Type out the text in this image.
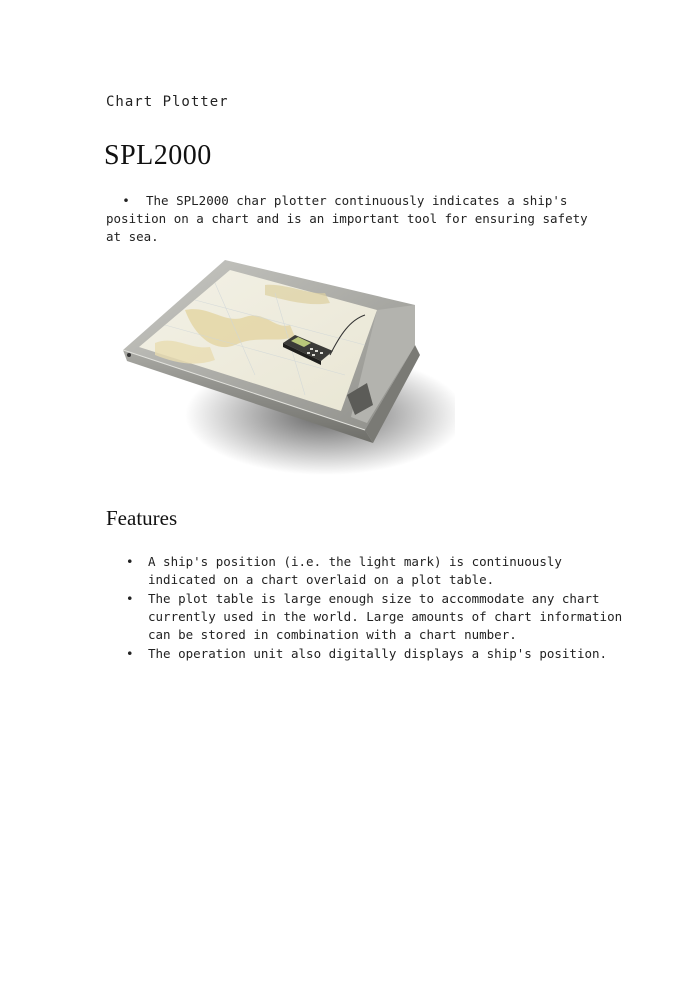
Chart Plotter
SPL2000
• The SPL2000 char plotter continuously indicates a ship's position on a chart and is an important tool for ensuring safety at sea.
Features
• A ship's position (i.e. the light mark) is continuously indicated on a chart overlaid on a plot table.
• The plot table is large enough size to accommodate any chart currently used in the world. Large amounts of chart information can be stored in combination with a chart number.
• The operation unit also digitally displays a ship's position.
